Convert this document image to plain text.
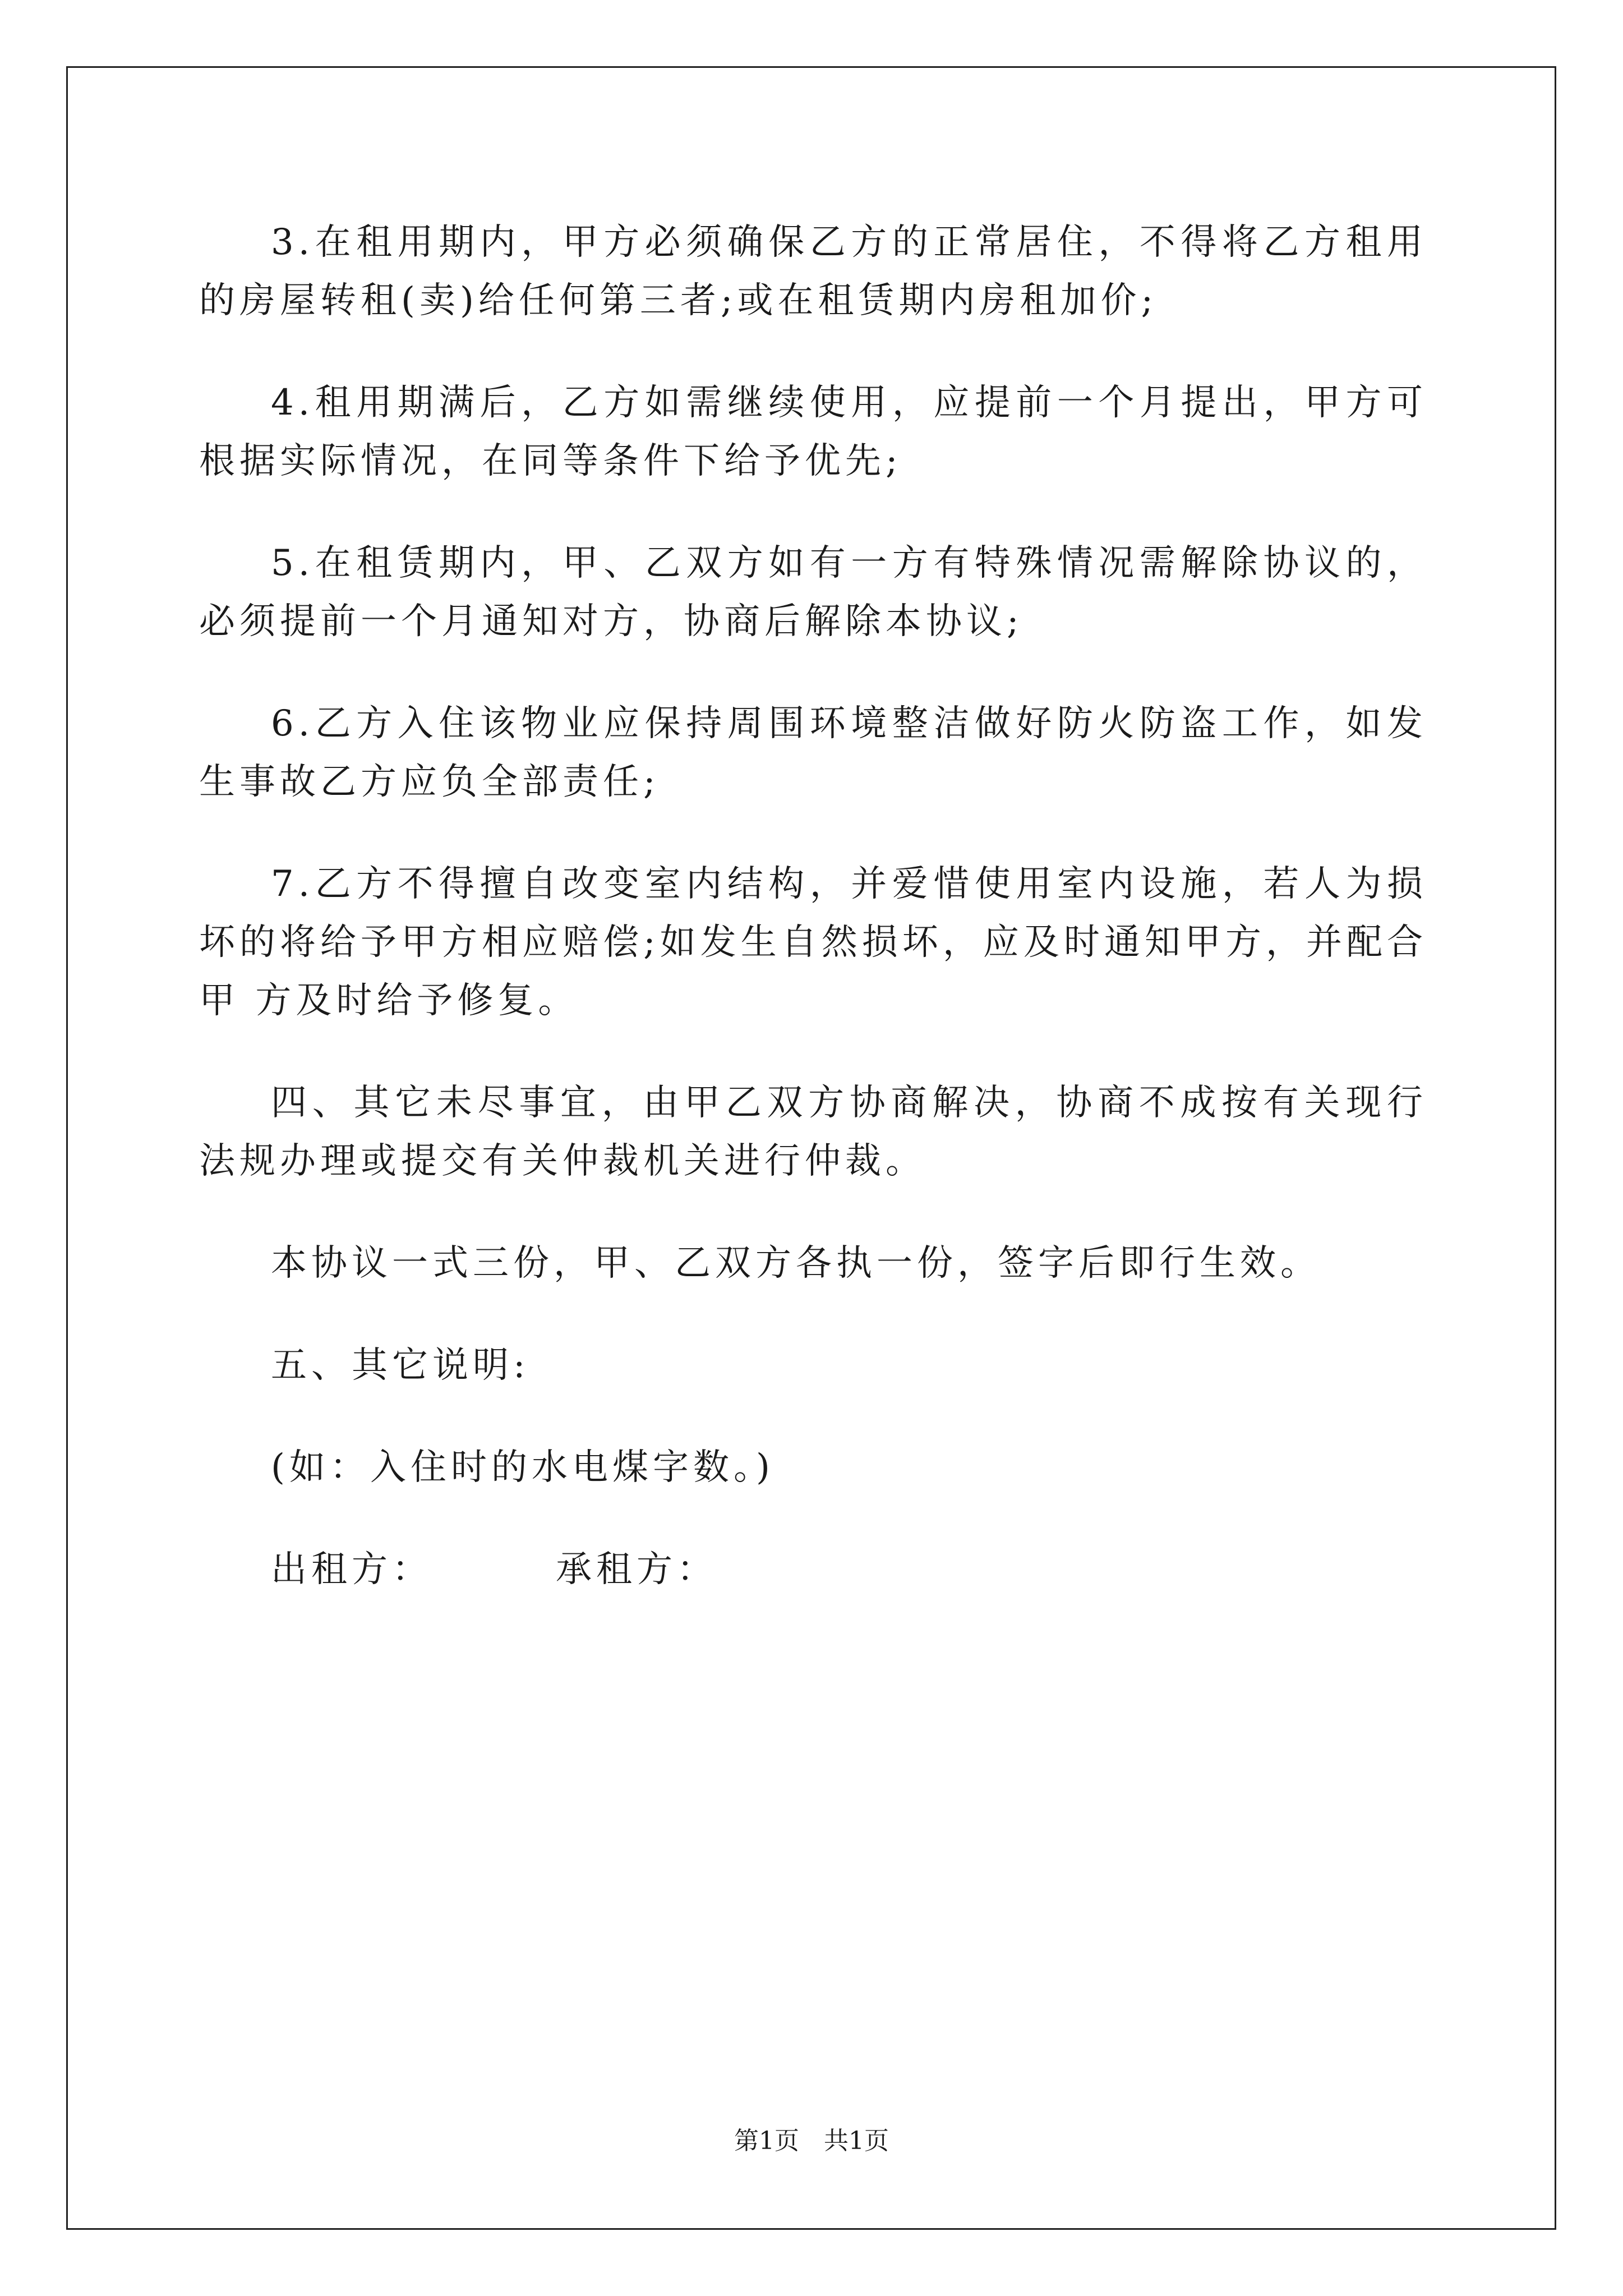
3.在租用期内，甲方必须确保乙方的正常居住，不得将乙方租用的房屋转租(卖)给任何第三者;或在租赁期内房租加价;

4.租用期满后，乙方如需继续使用，应提前一个月提出，甲方可根据实际情况，在同等条件下给予优先;

5.在租赁期内，甲、乙双方如有一方有特殊情况需解除协议的，必须提前一个月通知对方，协商后解除本协议;

6.乙方入住该物业应保持周围环境整洁做好防火防盗工作，如发生事故乙方应负全部责任;

7.乙方不得擅自改变室内结构，并爱惜使用室内设施，若人为损坏的将给予甲方相应赔偿;如发生自然损坏，应及时通知甲方，并配合甲 方及时给予修复。

四、其它未尽事宜，由甲乙双方协商解决，协商不成按有关现行法规办理或提交有关仲裁机关进行仲裁。

本协议一式三份，甲、乙双方各执一份，签字后即行生效。

五、其它说明:

(如：入住时的水电煤字数。)

出租方：	承租方：

第1页 共1页
